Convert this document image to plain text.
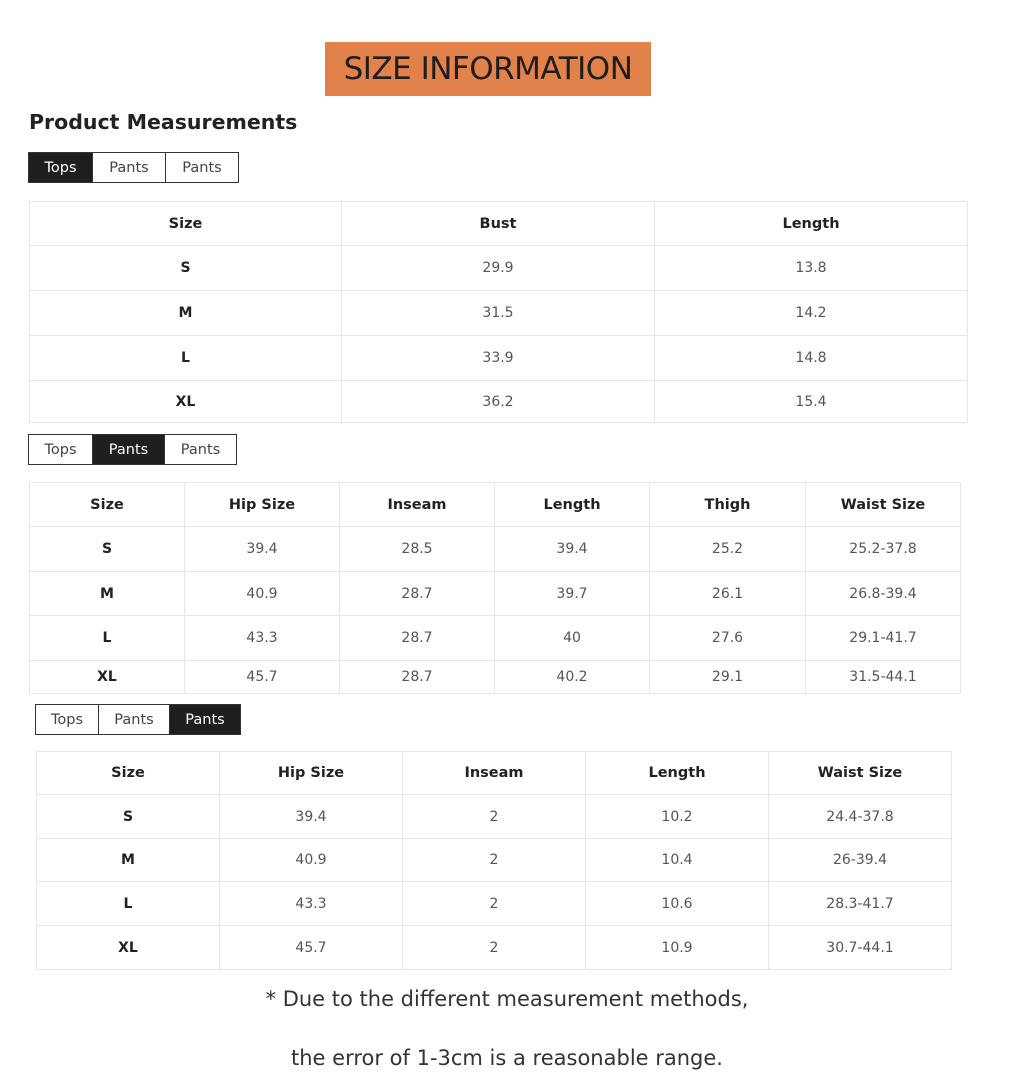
SIZE INFORMATION
Product Measurements
Tops	Pants	Pants
Size	Bust	Length
S	29.9	13.8
M	31.5	14.2
L	33.9	14.8
XL	36.2	15.4
Tops	Pants	Pants
Size	Hip Size	Inseam	Length	Thigh	Waist Size
S	39.4	28.5	39.4	25.2	25.2-37.8
M	40.9	28.7	39.7	26.1	26.8-39.4
L	43.3	28.7	40	27.6	29.1-41.7
XL	45.7	28.7	40.2	29.1	31.5-44.1
Tops	Pants	Pants
Size	Hip Size	Inseam	Length	Waist Size
S	39.4	2	10.2	24.4-37.8
M	40.9	2	10.4	26-39.4
L	43.3	2	10.6	28.3-41.7
XL	45.7	2	10.9	30.7-44.1
* Due to the different measurement methods,
the error of 1-3cm is a reasonable range.
